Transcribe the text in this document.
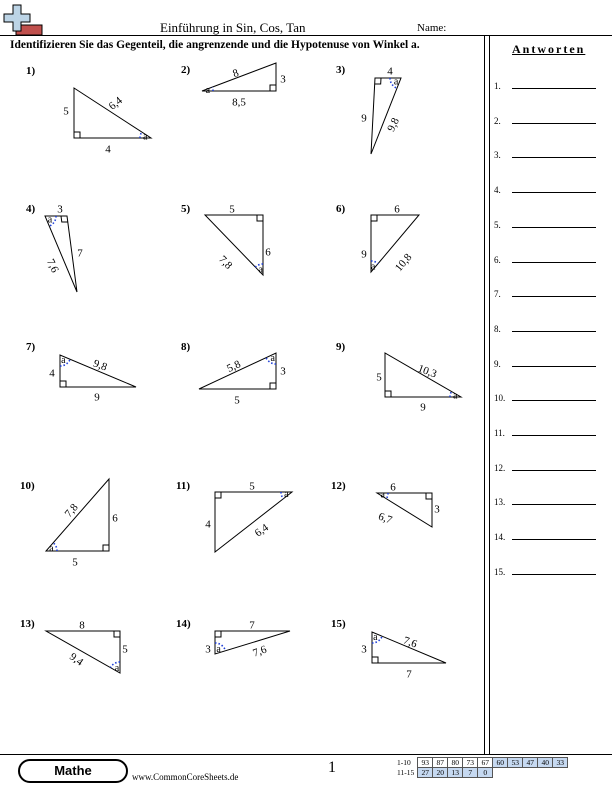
Einführung in Sin, Cos, Tan	Name:
Identifizieren Sie das Gegenteil, die angrenzende und die Hypotenuse von Winkel a.	Antworten
1.
2.
3.
4.
5.
6.
7.
8.
9.
10.
11.
12.
13.
14.
15.
1)
a
4
5	6,4
2)
a
8,5
3
8	3)
a
4
9 9,8
4)
a
3
7
7,6
5)
a
5
6
7,8
6)
a
6
9 10,8
7)
a
4	9,8
9
8)
a
5,8	3
5
9)
a
10,3
5
9
10)
a
7,8	6
5
11)
a
5
4	6,4
12)
a
6
3
6,7
13)
a
8
5
9,4
14)
a
7
3	7,6
15)
a 7,6
3
7
Mathe	www.CommonCoreSheets.de
1	1-10	93	87	80	73	67	60	53	47	40	33
11-15	27	20	13	7	0					
